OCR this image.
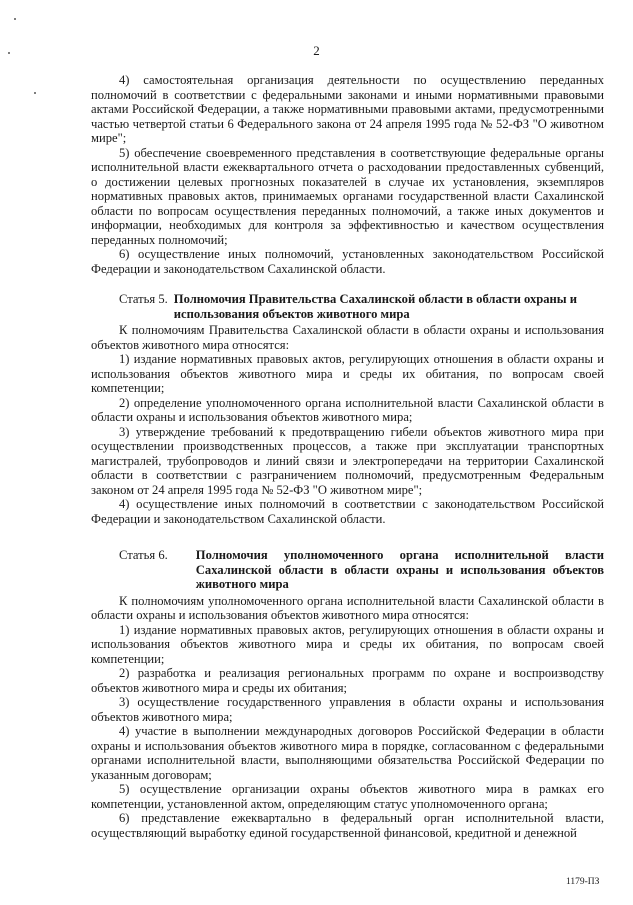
2

4) самостоятельная организация деятельности по осуществлению переданных полномочий в соответствии с федеральными законами и иными нормативными правовыми актами Российской Федерации, а также нормативными правовыми актами, предусмотренными частью четвертой статьи 6 Федерального закона от 24 апреля 1995 года № 52-ФЗ "О животном мире";

5) обеспечение своевременного представления в соответствующие федеральные органы исполнительной власти ежеквартального отчета о расходовании предоставленных субвенций, о достижении целевых прогнозных показателей в случае их установления, экземпляров нормативных правовых актов, принимаемых органами государственной власти Сахалинской области по вопросам осуществления переданных полномочий, а также иных документов и информации, необходимых для контроля за эффективностью и качеством осуществления переданных полномочий;

6) осуществление иных полномочий, установленных законодательством Российской Федерации и законодательством Сахалинской области.

Статья 5. Полномочия Правительства Сахалинской области в области охраны и использования объектов животного мира

К полномочиям Правительства Сахалинской области в области охраны и использования объектов животного мира относятся:

1) издание нормативных правовых актов, регулирующих отношения в области охраны и использования объектов животного мира и среды их обитания, по вопросам своей компетенции;

2) определение уполномоченного органа исполнительной власти Сахалинской области в области охраны и использования объектов животного мира;

3) утверждение требований к предотвращению гибели объектов животного мира при осуществлении производственных процессов, а также при эксплуатации транспортных магистралей, трубопроводов и линий связи и электропередачи на территории Сахалинской области в соответствии с разграничением полномочий, предусмотренным Федеральным законом от 24 апреля 1995 года № 52-ФЗ "О животном мире";

4) осуществление иных полномочий в соответствии с законодательством Российской Федерации и законодательством Сахалинской области.

Статья 6. Полномочия уполномоченного органа исполнительной власти Сахалинской области в области охраны и использования объектов животного мира

К полномочиям уполномоченного органа исполнительной власти Сахалинской области в области охраны и использования объектов животного мира относятся:

1) издание нормативных правовых актов, регулирующих отношения в области охраны и использования объектов животного мира и среды их обитания, по вопросам своей компетенции;

2) разработка и реализация региональных программ по охране и воспроизводству объектов животного мира и среды их обитания;

3) осуществление государственного управления в области охраны и использования объектов животного мира;

4) участие в выполнении международных договоров Российской Федерации в области охраны и использования объектов животного мира в порядке, согласованном с федеральными органами исполнительной власти, выполняющими обязательства Российской Федерации по указанным договорам;

5) осуществление организации охраны объектов животного мира в рамках его компетенции, установленной актом, определяющим статус уполномоченного органа;

6) представление ежеквартально в федеральный орган исполнительной власти, осуществляющий выработку единой государственной финансовой, кредитной и денежной

1179-ПЗ
